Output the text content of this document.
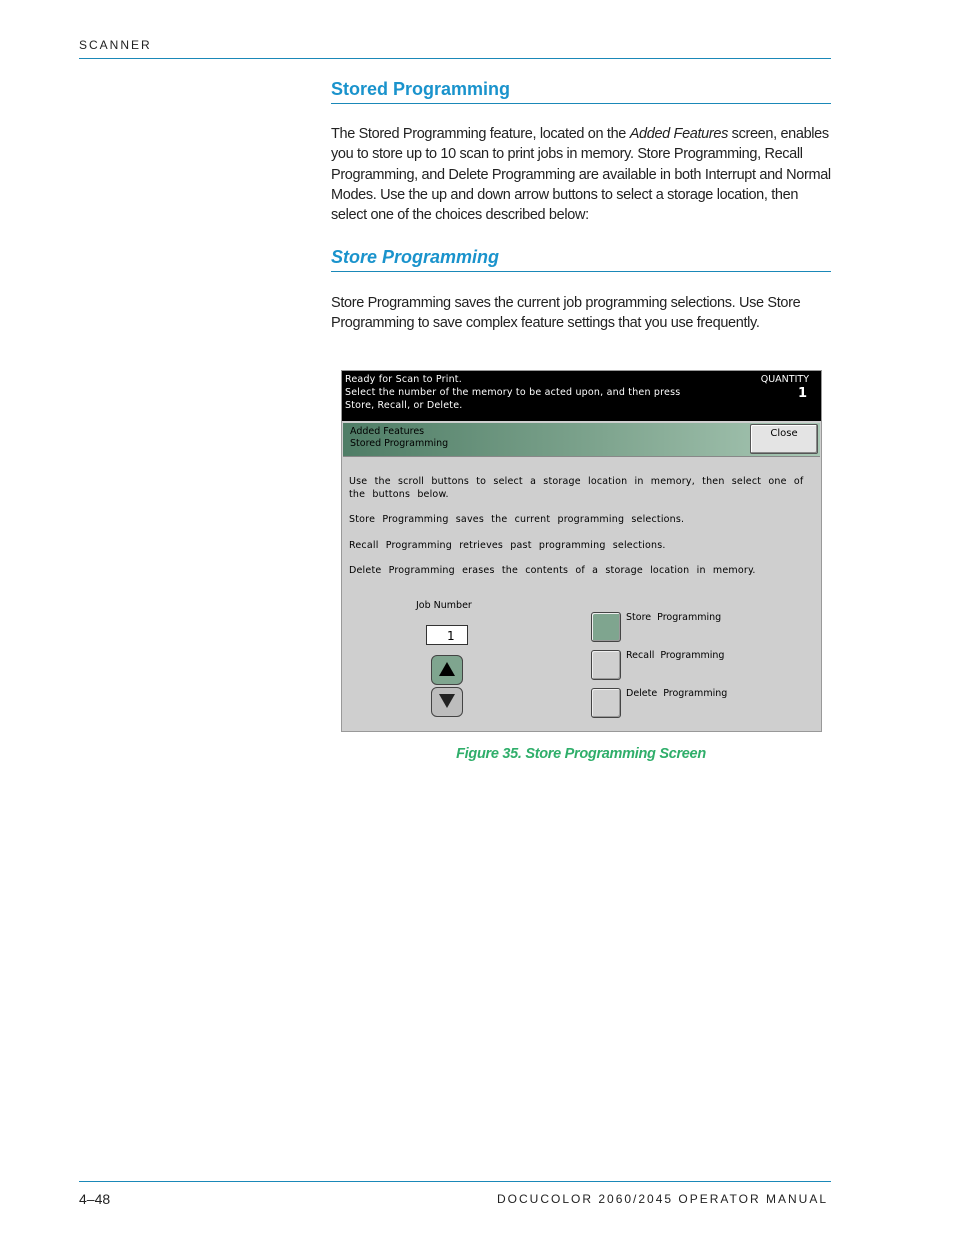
SCANNER
Stored Programming
The Stored Programming feature, located on the Added Features screen, enables you to store up to 10 scan to print jobs in memory. Store Programming, Recall Programming, and Delete Programming are available in both Interrupt and Normal Modes. Use the up and down arrow buttons to select a storage location, then select one of the choices described below:
Store Programming
Store Programming saves the current job programming selections. Use Store Programming to save complex feature settings that you use frequently.
Ready for Scan to Print.
Select the number of the memory to be acted upon, and then press
Store, Recall, or Delete.
QUANTITY
1
Added Features
Stored Programming
Close
Use the scroll buttons to select a storage location in memory, then select one of
the buttons below.
Store Programming saves the current programming selections.
Recall Programming retrieves past programming selections.
Delete Programming erases the contents of a storage location in memory.
Job Number
1
Store Programming
Recall Programming
Delete Programming
Figure 35. Store Programming Screen
4–48	DOCUCOLOR 2060/2045 OPERATOR MANUAL
